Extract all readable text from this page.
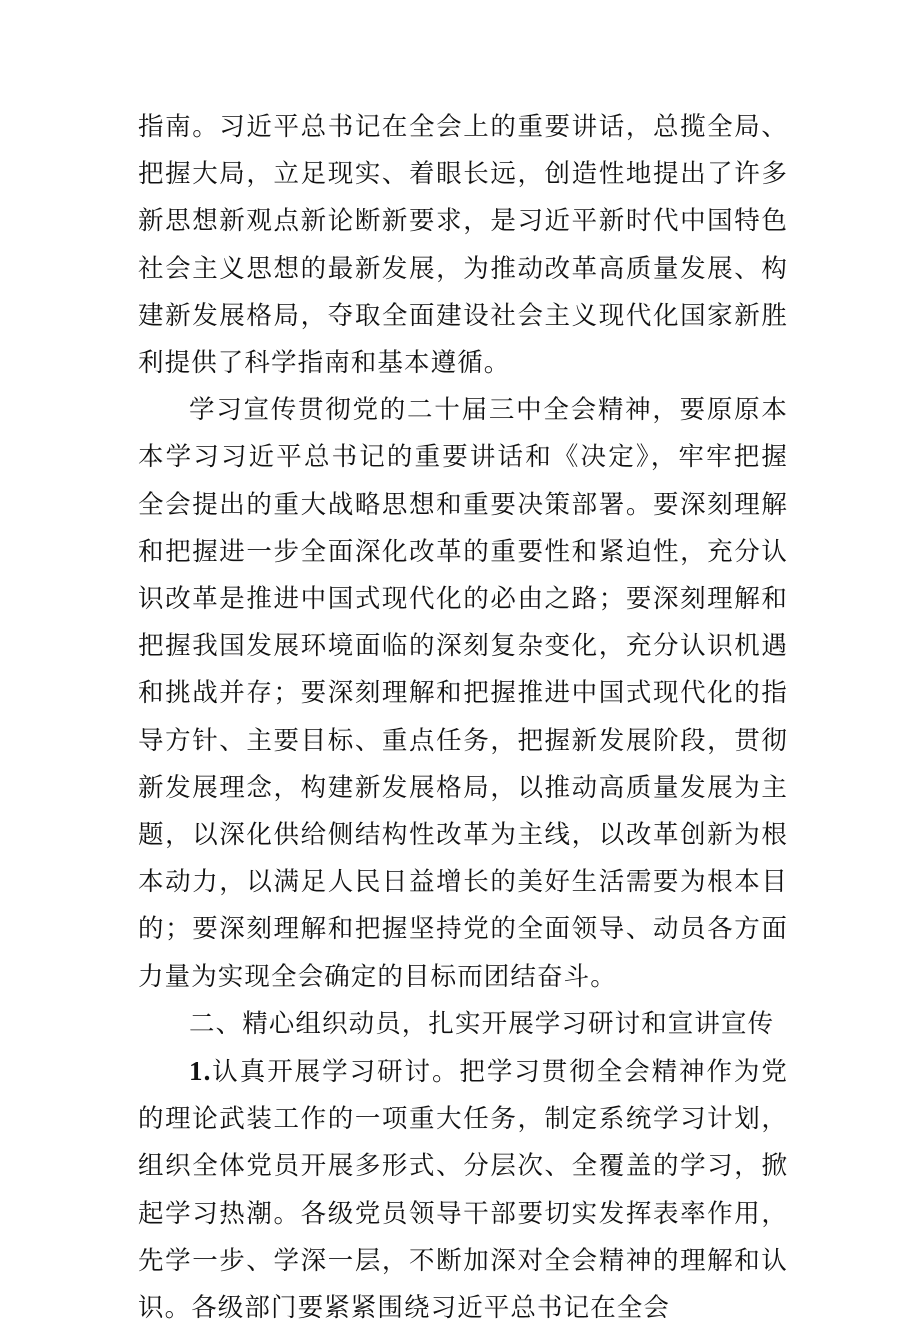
指南。习近平总书记在全会上的重要讲话，总揽全局、把握大局，立足现实、着眼长远，创造性地提出了许多新思想新观点新论断新要求，是习近平新时代中国特色社会主义思想的最新发展，为推动改革高质量发展、构建新发展格局，夺取全面建设社会主义现代化国家新胜利提供了科学指南和基本遵循。

学习宣传贯彻党的二十届三中全会精神，要原原本本学习习近平总书记的重要讲话和《决定》，牢牢把握全会提出的重大战略思想和重要决策部署。要深刻理解和把握进一步全面深化改革的重要性和紧迫性，充分认识改革是推进中国式现代化的必由之路；要深刻理解和把握我国发展环境面临的深刻复杂变化，充分认识机遇和挑战并存；要深刻理解和把握推进中国式现代化的指导方针、主要目标、重点任务，把握新发展阶段，贯彻新发展理念，构建新发展格局，以推动高质量发展为主题，以深化供给侧结构性改革为主线，以改革创新为根本动力，以满足人民日益增长的美好生活需要为根本目的；要深刻理解和把握坚持党的全面领导、动员各方面力量为实现全会确定的目标而团结奋斗。

二、精心组织动员，扎实开展学习研讨和宣讲宣传

1.认真开展学习研讨。把学习贯彻全会精神作为党的理论武装工作的一项重大任务，制定系统学习计划，组织全体党员开展多形式、分层次、全覆盖的学习，掀起学习热潮。各级党员领导干部要切实发挥表率作用，先学一步、学深一层，不断加深对全会精神的理解和认识。各级部门要紧紧围绕习近平总书记在全会
